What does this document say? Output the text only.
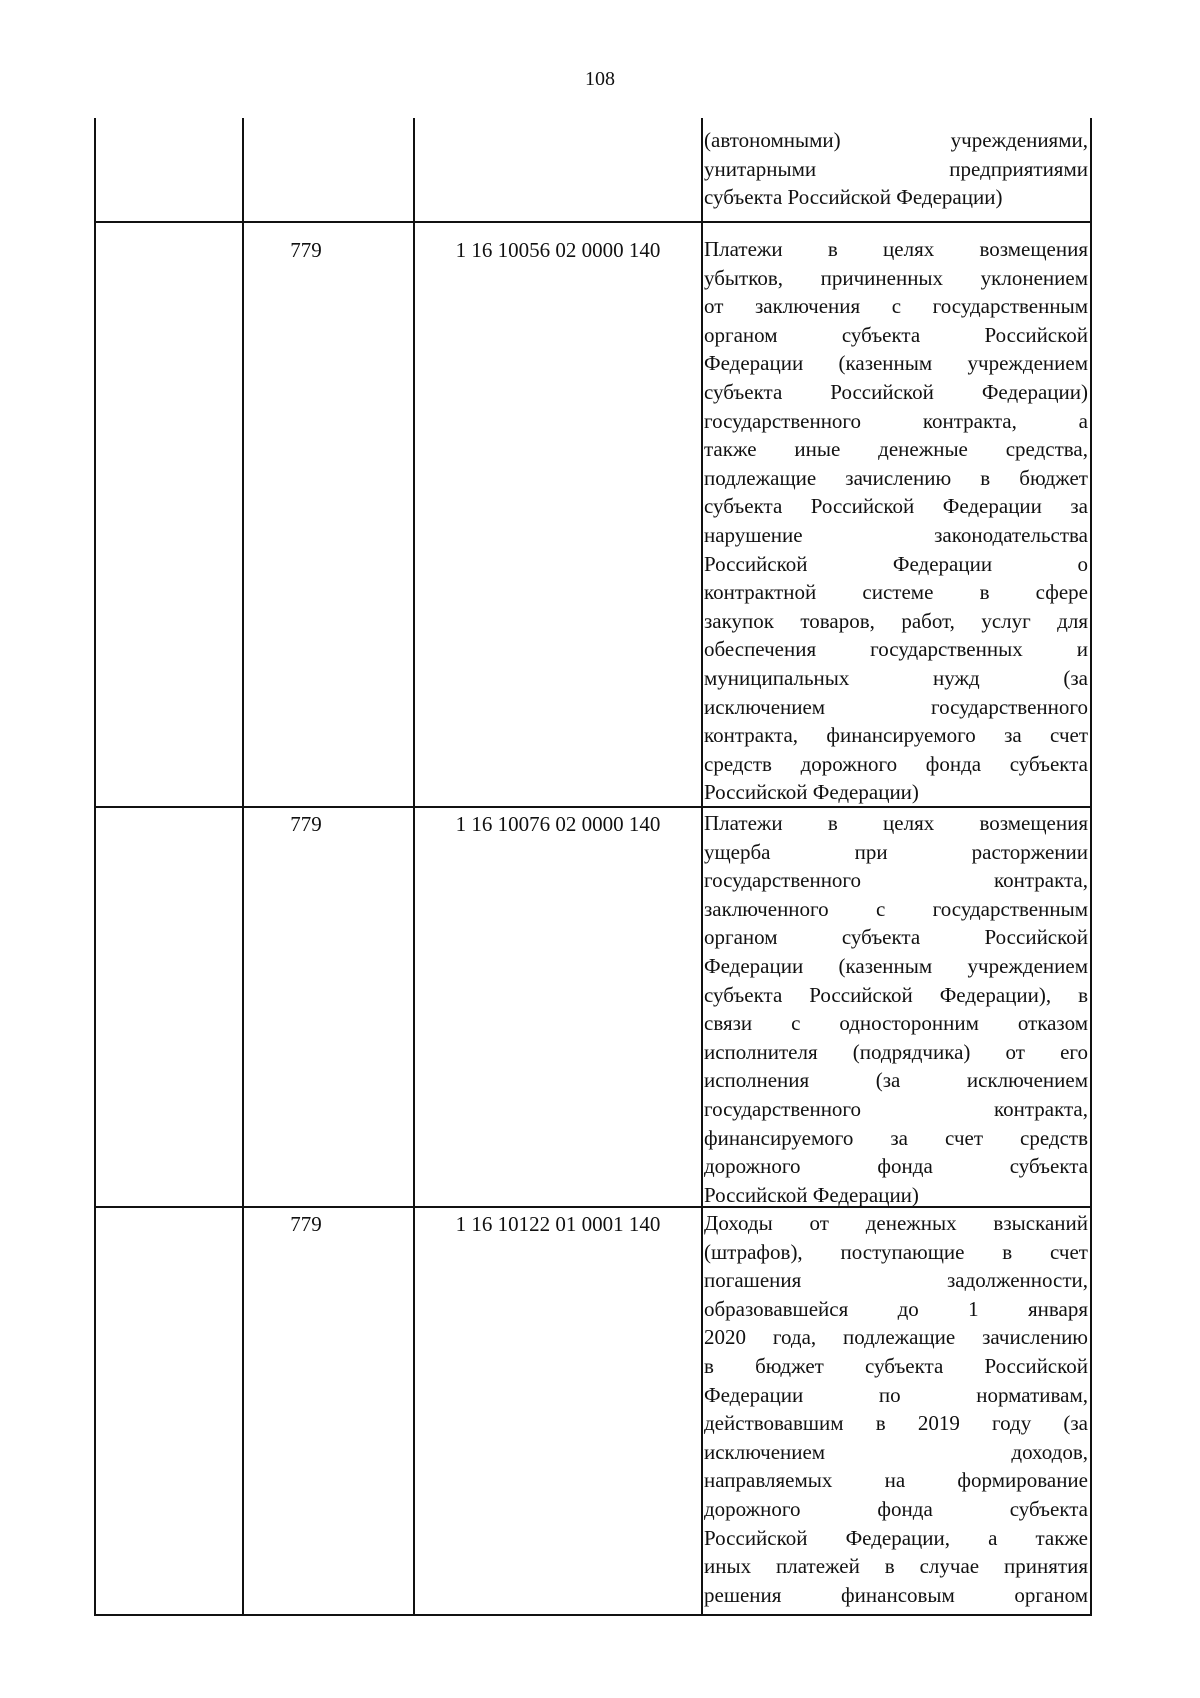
108
(автономными) учреждениями,
унитарными предприятиями
субъекта Российской Федерации)
779	1 16 10056 02 0000 140	Платежи в целях возмещения
убытков, причиненных уклонением
от заключения с государственным
органом субъекта Российской
Федерации (казенным учреждением
субъекта Российской Федерации)
государственного контракта, а
также иные денежные средства,
подлежащие зачислению в бюджет
субъекта Российской Федерации за
нарушение законодательства
Российской Федерации о
контрактной системе в сфере
закупок товаров, работ, услуг для
обеспечения государственных и
муниципальных нужд (за
исключением государственного
контракта, финансируемого за счет
средств дорожного фонда субъекта
Российской Федерации)
779	1 16 10076 02 0000 140	Платежи в целях возмещения
ущерба при расторжении
государственного контракта,
заключенного с государственным
органом субъекта Российской
Федерации (казенным учреждением
субъекта Российской Федерации), в
связи с односторонним отказом
исполнителя (подрядчика) от его
исполнения (за исключением
государственного контракта,
финансируемого за счет средств
дорожного фонда субъекта
Российской Федерации)
779	1 16 10122 01 0001 140	Доходы от денежных взысканий
(штрафов), поступающие в счет
погашения задолженности,
образовавшейся до 1 января
2020 года, подлежащие зачислению
в бюджет субъекта Российской
Федерации по нормативам,
действовавшим в 2019 году (за
исключением доходов,
направляемых на формирование
дорожного фонда субъекта
Российской Федерации, а также
иных платежей в случае принятия
решения финансовым органом
